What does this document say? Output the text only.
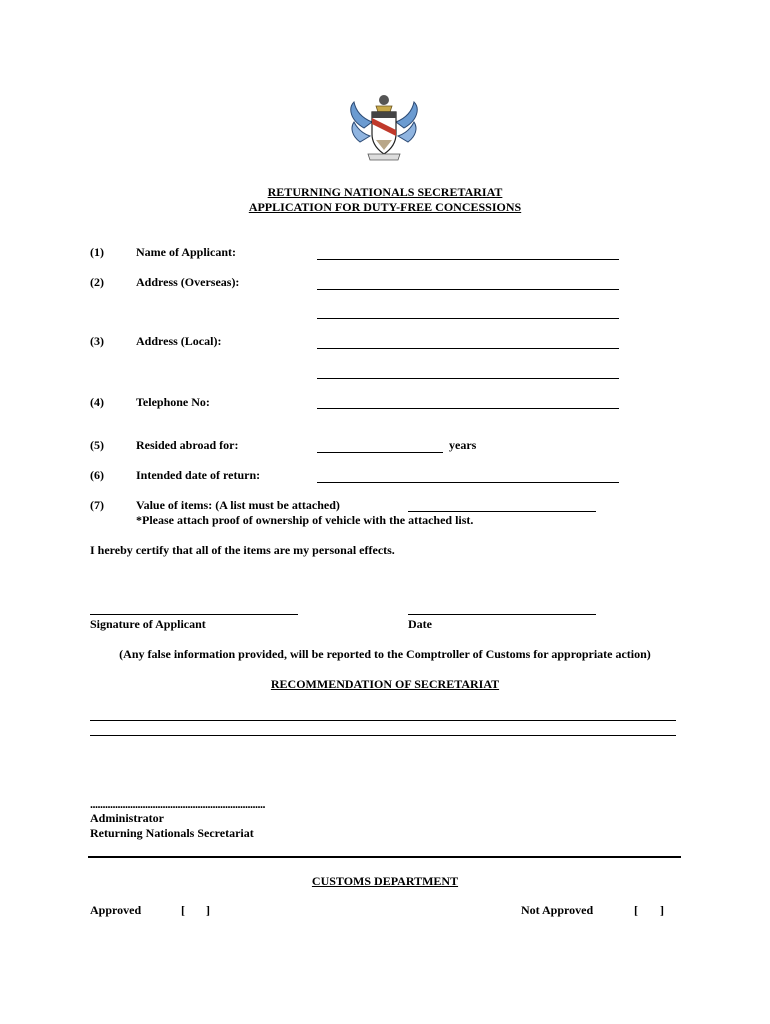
RETURNING NATIONALS SECRETARIAT
APPLICATION FOR DUTY-FREE CONCESSIONS
(1)	Name of Applicant:
(2)	Address (Overseas):
(3)	Address (Local):
(4)	Telephone No:
(5)	Resided abroad for:	years
(6)	Intended date of return:
(7)	Value of items: (A list must be attached)
*Please attach proof of ownership of vehicle with the attached list.
I hereby certify that all of the items are my personal effects.
Signature of Applicant	Date
(Any false information provided, will be reported to the Comptroller of Customs for appropriate action)
RECOMMENDATION OF SECRETARIAT
......................................................................
Administrator
Returning Nationals Secretariat
CUSTOMS DEPARTMENT
Approved	[ ]	Not Approved	[ ]
